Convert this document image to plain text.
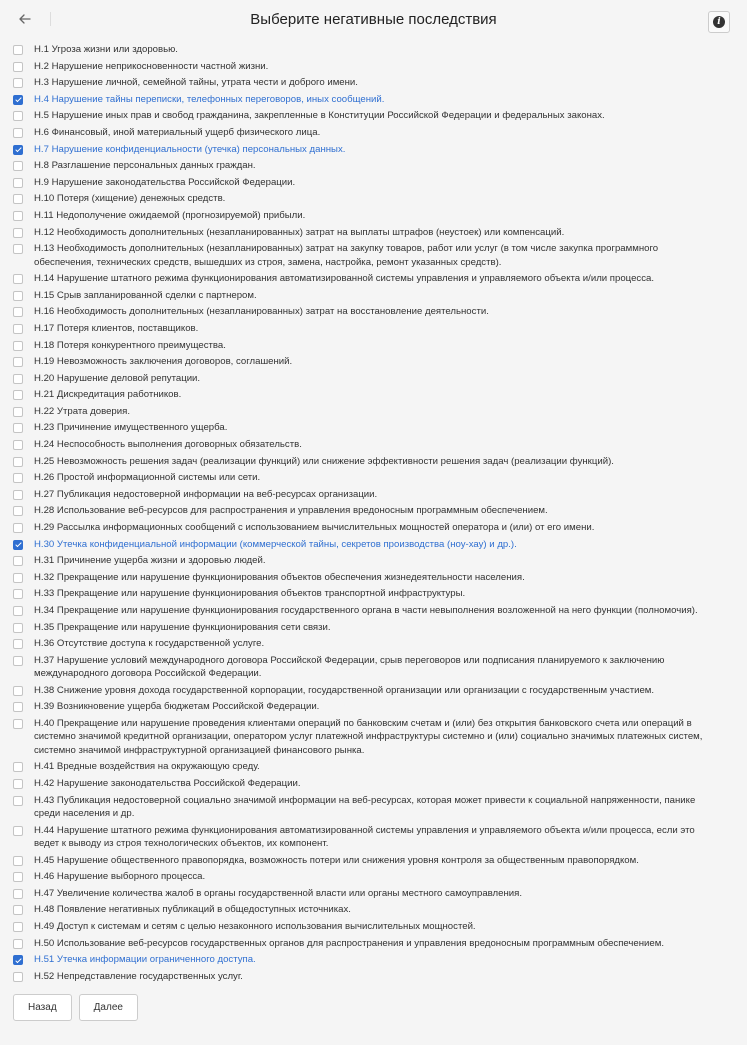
Выберите негативные последствия	i
Н.1 Угроза жизни или здоровью.
Н.2 Нарушение неприкосновенности частной жизни.
Н.3 Нарушение личной, семейной тайны, утрата чести и доброго имени.
Н.4 Нарушение тайны переписки, телефонных переговоров, иных сообщений.
Н.5 Нарушение иных прав и свобод гражданина, закрепленные в Конституции Российской Федерации и федеральных законах.
Н.6 Финансовый, иной материальный ущерб физического лица.
Н.7 Нарушение конфиденциальности (утечка) персональных данных.
Н.8 Разглашение персональных данных граждан.
Н.9 Нарушение законодательства Российской Федерации.
Н.10 Потеря (хищение) денежных средств.
Н.11 Недополучение ожидаемой (прогнозируемой) прибыли.
Н.12 Необходимость дополнительных (незапланированных) затрат на выплаты штрафов (неустоек) или компенсаций.
Н.13 Необходимость дополнительных (незапланированных) затрат на закупку товаров, работ или услуг (в том числе закупка программного обеспечения, технических средств, вышедших из строя, замена, настройка, ремонт указанных средств).
Н.14 Нарушение штатного режима функционирования автоматизированной системы управления и управляемого объекта и/или процесса.
Н.15 Срыв запланированной сделки с партнером.
Н.16 Необходимость дополнительных (незапланированных) затрат на восстановление деятельности.
Н.17 Потеря клиентов, поставщиков.
Н.18 Потеря конкурентного преимущества.
Н.19 Невозможность заключения договоров, соглашений.
Н.20 Нарушение деловой репутации.
Н.21 Дискредитация работников.
Н.22 Утрата доверия.
Н.23 Причинение имущественного ущерба.
Н.24 Неспособность выполнения договорных обязательств.
Н.25 Невозможность решения задач (реализации функций) или снижение эффективности решения задач (реализации функций).
Н.26 Простой информационной системы или сети.
Н.27 Публикация недостоверной информации на веб-ресурсах организации.
Н.28 Использование веб-ресурсов для распространения и управления вредоносным программным обеспечением.
Н.29 Рассылка информационных сообщений с использованием вычислительных мощностей оператора и (или) от его имени.
Н.30 Утечка конфиденциальной информации (коммерческой тайны, секретов производства (ноу-хау) и др.).
Н.31 Причинение ущерба жизни и здоровью людей.
Н.32 Прекращение или нарушение функционирования объектов обеспечения жизнедеятельности населения.
Н.33 Прекращение или нарушение функционирования объектов транспортной инфраструктуры.
Н.34 Прекращение или нарушение функционирования государственного органа в части невыполнения возложенной на него функции (полномочия).
Н.35 Прекращение или нарушение функционирования сети связи.
Н.36 Отсутствие доступа к государственной услуге.
Н.37 Нарушение условий международного договора Российской Федерации, срыв переговоров или подписания планируемого к заключению международного договора Российской Федерации.
Н.38 Снижение уровня дохода государственной корпорации, государственной организации или организации с государственным участием.
Н.39 Возникновение ущерба бюджетам Российской Федерации.
Н.40 Прекращение или нарушение проведения клиентами операций по банковским счетам и (или) без открытия банковского счета или операций в системно значимой кредитной организации, оператором услуг платежной инфраструктуры системно и (или) социально значимых платежных систем, системно значимой инфраструктурной организацией финансового рынка.
Н.41 Вредные воздействия на окружающую среду.
Н.42 Нарушение законодательства Российской Федерации.
Н.43 Публикация недостоверной социально значимой информации на веб-ресурсах, которая может привести к социальной напряженности, панике среди населения и др.
Н.44 Нарушение штатного режима функционирования автоматизированной системы управления и управляемого объекта и/или процесса, если это ведет к выводу из строя технологических объектов, их компонент.
Н.45 Нарушение общественного правопорядка, возможность потери или снижения уровня контроля за общественным правопорядком.
Н.46 Нарушение выборного процесса.
Н.47 Увеличение количества жалоб в органы государственной власти или органы местного самоуправления.
Н.48 Появление негативных публикаций в общедоступных источниках.
Н.49 Доступ к системам и сетям с целью незаконного использования вычислительных мощностей.
Н.50 Использование веб-ресурсов государственных органов для распространения и управления вредоносным программным обеспечением.
Н.51 Утечка информации ограниченного доступа.
Н.52 Непредставление государственных услуг.
Назад	Далее
